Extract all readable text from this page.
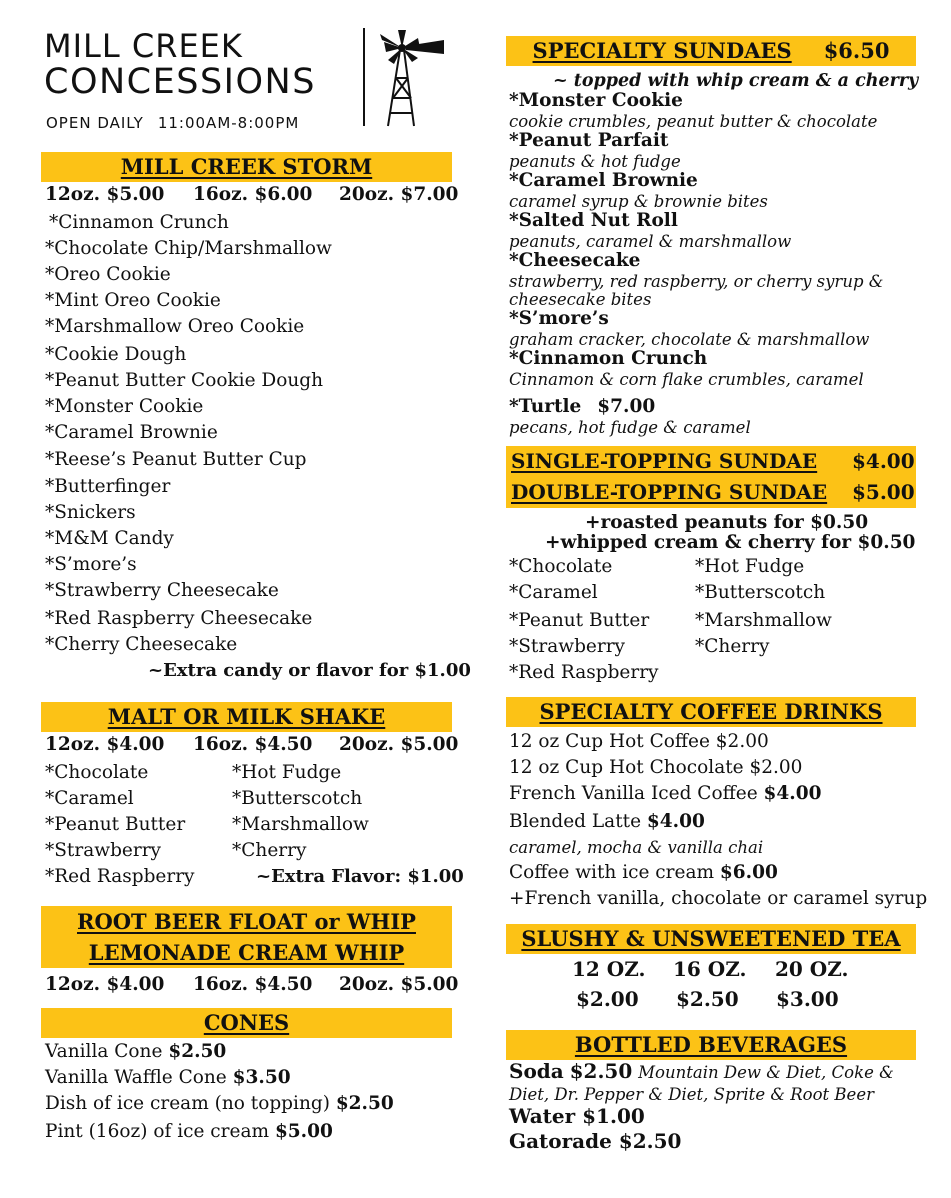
MILL CREEK
CONCESSIONS
OPEN DAILY 11:00AM-8:00PM
MILL CREEK STORM
12oz. $5.00 16oz. $6.00 20oz. $7.00
*Cinnamon Crunch
*Chocolate Chip/Marshmallow
*Oreo Cookie
*Mint Oreo Cookie
*Marshmallow Oreo Cookie
*Cookie Dough
*Peanut Butter Cookie Dough
*Monster Cookie
*Caramel Brownie
*Reese’s Peanut Butter Cup
*Butterfinger
*Snickers
*M&M Candy
*S’more’s
*Strawberry Cheesecake
*Red Raspberry Cheesecake
*Cherry Cheesecake
~Extra candy or flavor for $1.00
MALT OR MILK SHAKE
12oz. $4.00 16oz. $4.50 20oz. $5.00
*Chocolate
*Caramel
*Peanut Butter
*Strawberry
*Red Raspberry
*Hot Fudge
*Butterscotch
*Marshmallow
*Cherry
~Extra Flavor: $1.00
ROOT BEER FLOAT or WHIP
LEMONADE CREAM WHIP
12oz. $4.00 16oz. $4.50 20oz. $5.00
CONES
Vanilla Cone $2.50
Vanilla Waffle Cone $3.50
Dish of ice cream (no topping) $2.50
Pint (16oz) of ice cream $5.00
SPECIALTY SUNDAES $6.50
~ topped with whip cream & a cherry
*Monster Cookie
cookie crumbles, peanut butter & chocolate
*Peanut Parfait
peanuts & hot fudge
*Caramel Brownie
caramel syrup & brownie bites
*Salted Nut Roll
peanuts, caramel & marshmallow
*Cheesecake
strawberry, red raspberry, or cherry syrup &
cheesecake bites
*S’more’s
graham cracker, chocolate & marshmallow
*Cinnamon Crunch
Cinnamon & corn flake crumbles, caramel
*Turtle $7.00
pecans, hot fudge & caramel
SINGLE-TOPPING SUNDAE $4.00
DOUBLE-TOPPING SUNDAE $5.00
+roasted peanuts for $0.50
+whipped cream & cherry for $0.50
*Chocolate
*Caramel
*Peanut Butter
*Strawberry
*Red Raspberry
*Hot Fudge
*Butterscotch
*Marshmallow
*Cherry
SPECIALTY COFFEE DRINKS
12 oz Cup Hot Coffee $2.00
12 oz Cup Hot Chocolate $2.00
French Vanilla Iced Coffee $4.00
Blended Latte $4.00
caramel, mocha & vanilla chai
Coffee with ice cream $6.00
+French vanilla, chocolate or caramel syrup
SLUSHY & UNSWEETENED TEA
12 OZ. 16 OZ. 20 OZ.
$2.00 $2.50 $3.00
BOTTLED BEVERAGES
Soda $2.50 Mountain Dew & Diet, Coke &
Diet, Dr. Pepper & Diet, Sprite & Root Beer
Water $1.00
Gatorade $2.50
